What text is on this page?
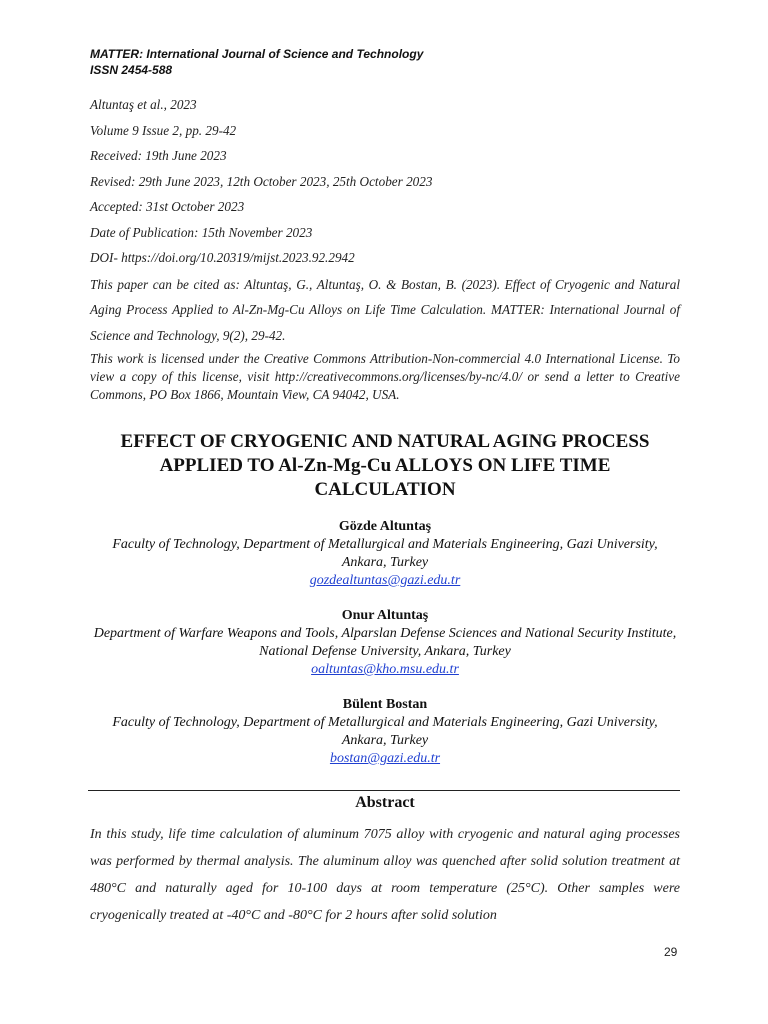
MATTER: International Journal of Science and Technology
ISSN 2454-588
Altuntaş et al., 2023
Volume 9 Issue 2, pp. 29-42
Received: 19th June 2023
Revised: 29th June 2023, 12th October 2023, 25th October 2023
Accepted: 31st October 2023
Date of Publication: 15th November 2023
DOI- https://doi.org/10.20319/mijst.2023.92.2942
This paper can be cited as: Altuntaş, G., Altuntaş, O. & Bostan, B. (2023). Effect of Cryogenic and Natural Aging Process Applied to Al-Zn-Mg-Cu Alloys on Life Time Calculation. MATTER: International Journal of Science and Technology, 9(2), 29-42.
This work is licensed under the Creative Commons Attribution-Non-commercial 4.0 International License. To view a copy of this license, visit http://creativecommons.org/licenses/by-nc/4.0/ or send a letter to Creative Commons, PO Box 1866, Mountain View, CA 94042, USA.
EFFECT OF CRYOGENIC AND NATURAL AGING PROCESS APPLIED TO Al-Zn-Mg-Cu ALLOYS ON LIFE TIME CALCULATION
Gözde Altuntaş
Faculty of Technology, Department of Metallurgical and Materials Engineering, Gazi University, Ankara, Turkey
gozdealtuntas@gazi.edu.tr
Onur Altuntaş
Department of Warfare Weapons and Tools, Alparslan Defense Sciences and National Security Institute, National Defense University, Ankara, Turkey
oaltuntas@kho.msu.edu.tr
Bülent Bostan
Faculty of Technology, Department of Metallurgical and Materials Engineering, Gazi University, Ankara, Turkey
bostan@gazi.edu.tr
Abstract
In this study, life time calculation of aluminum 7075 alloy with cryogenic and natural aging processes was performed by thermal analysis. The aluminum alloy was quenched after solid solution treatment at 480°C and naturally aged for 10-100 days at room temperature (25°C). Other samples were cryogenically treated at -40°C and -80°C for 2 hours after solid solution
29
